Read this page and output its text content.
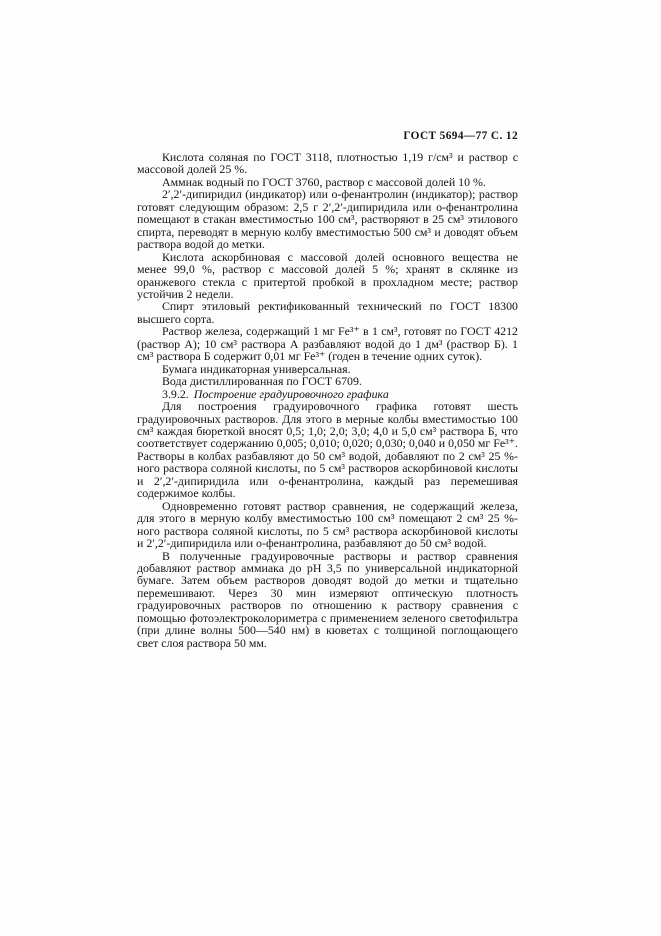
ГОСТ 5694—77 С. 12

Кислота соляная по ГОСТ 3118, плотностью 1,19 г/см³ и раствор с массовой долей 25 %.

Аммиак водный по ГОСТ 3760, раствор с массовой долей 10 %.

2′,2′-дипиридил (индикатор) или о-фенантролин (индикатор); раствор готовят следующим образом: 2,5 г 2′,2′-дипиридила или о-фенантролина помещают в стакан вместимостью 100 см³, растворяют в 25 см³ этилового спирта, переводят в мерную колбу вместимостью 500 см³ и доводят объем раствора водой до метки.

Кислота аскорбиновая с массовой долей основного вещества не менее 99,0 %, раствор с массовой долей 5 %; хранят в склянке из оранжевого стекла с притертой пробкой в прохладном месте; раствор устойчив 2 недели.

Спирт этиловый ректификованный технический по ГОСТ 18300 высшего сорта.

Раствор железа, содержащий 1 мг Fe³⁺ в 1 см³, готовят по ГОСТ 4212 (раствор А); 10 см³ раствора А разбавляют водой до 1 дм³ (раствор Б). 1 см³ раствора Б содержит 0,01 мг Fe³⁺ (годен в течение одних суток).

Бумага индикаторная универсальная.

Вода дистиллированная по ГОСТ 6709.

3.9.2. Построение градуировочного графика

Для построения градуировочного графика готовят шесть градуировочных растворов. Для этого в мерные колбы вместимостью 100 см³ каждая бюреткой вносят 0,5; 1,0; 2,0; 3,0; 4,0 и 5,0 см³ раствора Б, что соответствует содержанию 0,005; 0,010; 0,020; 0,030; 0,040 и 0,050 мг Fe³⁺. Растворы в колбах разбавляют до 50 см³ водой, добавляют по 2 см³ 25 %-ного раствора соляной кислоты, по 5 см³ растворов аскорбиновой кислоты и 2′,2′-дипиридила или о-фенантролина, каждый раз перемешивая содержимое колбы.

Одновременно готовят раствор сравнения, не содержащий железа, для этого в мерную колбу вместимостью 100 см³ помещают 2 см³ 25 %-ного раствора соляной кислоты, по 5 см³ раствора аскорбиновой кислоты и 2′,2′-дипиридила или о-фенантролина, разбавляют до 50 см³ водой.

В полученные градуировочные растворы и раствор сравнения добавляют раствор аммиака до рН 3,5 по универсальной индикаторной бумаге. Затем объем растворов доводят водой до метки и тщательно перемешивают. Через 30 мин измеряют оптическую плотность градуировочных растворов по отношению к раствору сравнения с помощью фотоэлектроколориметра с применением зеленого светофильтра (при длине волны 500—540 нм) в кюветах с толщиной поглощающего свет слоя раствора 50 мм.
